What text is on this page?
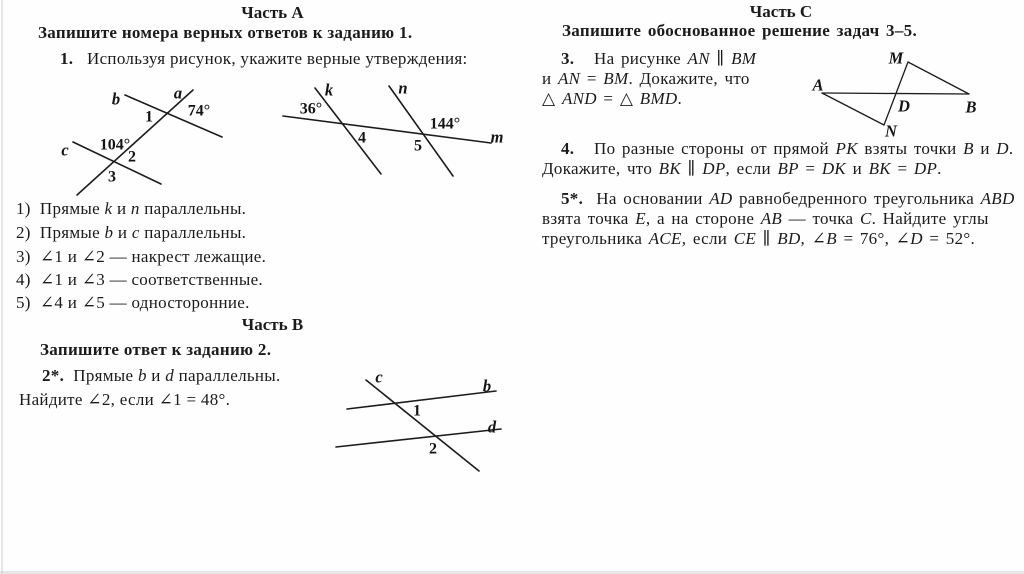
Часть А
Запишите номера верных ответов к заданию 1.
1.   Используя рисунок, укажите верные утверждения:
b	a
74°
1
104°
c	2
3
k
36°
4
n
144°
5	m
1)  Прямые k и n параллельны.
2)  Прямые b и c параллельны.
3)  ∠1 и ∠2 — накрест лежащие.
4)  ∠1 и ∠3 — соответственные.
5)  ∠4 и ∠5 — односторонние.
Часть В
Запишите ответ к заданию 2.
2*.  Прямые b и d параллельны.
Найдите ∠2, если ∠1 = 48°.
c	b
1
d
2
Часть С
Запишите обоснованное решение задач 3–5.
3.   На рисунке AN ∥ BM
и AN = BM. Докажите, что
△ AND = △ BMD.
A
M
D	B
N
4.   По разные стороны от прямой PK взяты точки B и D.
Докажите, что BK ∥ DP, если BP = DK и BK = DP.
5*.  На основании AD равнобедренного треугольника ABD
взята точка E, а на стороне AB — точка C. Найдите углы
треугольника ACE, если CE ∥ BD, ∠B = 76°, ∠D = 52°.
